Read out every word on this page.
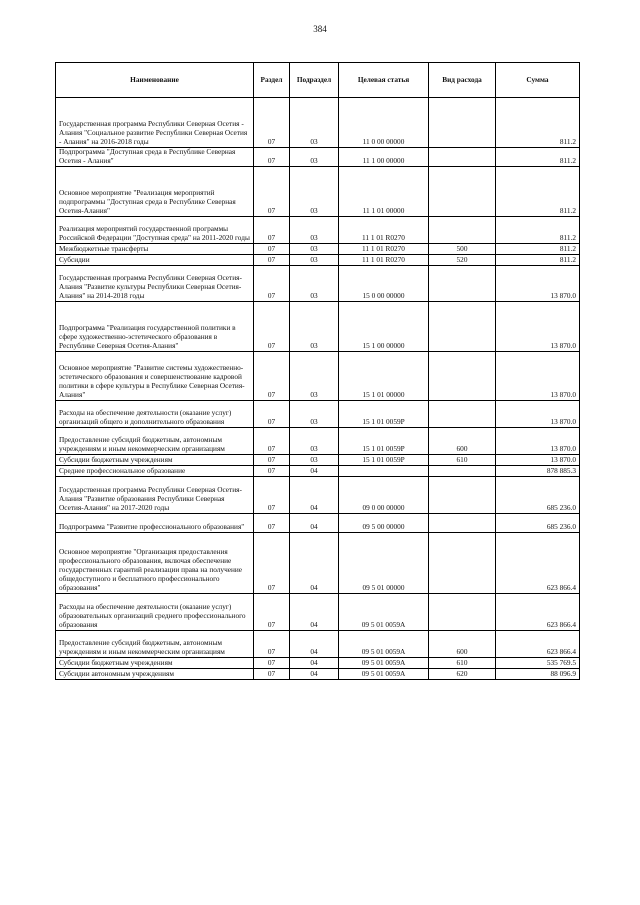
384
Наименование	Раздел	Подраздел	Целевая статья	Вид расхода	Сумма
Государственная программа Республики Северная Осетия - Алания "Социальное развитие Республики Северная Осетия - Алания" на 2016-2018 годы	07	03	11 0 00 00000		811.2
Подпрограмма "Доступная среда в Республике Северная Осетия - Алания"	07	03	11 1 00 00000		811.2
Основное мероприятие "Реализация мероприятий подпрограммы "Доступная среда в Республике Северная Осетия-Алания"	07	03	11 1 01 00000		811.2
Реализация мероприятий государственной программы Российской Федерации "Доступная среда" на 2011-2020 годы	07	03	11 1 01 R0270		811.2
Межбюджетные трансферты	07	03	11 1 01 R0270	500	811.2
Субсидии	07	03	11 1 01 R0270	520	811.2
Государственная программа Республики Северная Осетия-Алания "Развитие культуры Республики Северная Осетия-Алания" на 2014-2018 годы	07	03	15 0 00 00000		13 870.0
Подпрограмма "Реализация государственной политики в сфере художественно-эстетического образования в Республике Северная Осетия-Алания"	07	03	15 1 00 00000		13 870.0
Основное мероприятие "Развитие системы художественно-эстетического образования и совершенствование кадровой политики в сфере культуры в Республике Северная Осетия-Алания"	07	03	15 1 01 00000		13 870.0
Расходы на обеспечение деятельности (оказание услуг) организаций общего и дополнительного образования	07	03	15 1 01 0059Р		13 870.0
Предоставление субсидий бюджетным, автономным учреждениям и иным некоммерческим организациям	07	03	15 1 01 0059Р	600	13 870.0
Субсидии бюджетным учреждениям	07	03	15 1 01 0059Р	610	13 870.0
Среднее профессиональное образование	07	04			878 885.3
Государственная программа Республики Северная Осетия-Алания "Развитие образования Республики Северная Осетия-Алания" на 2017-2020 годы	07	04	09 0 00 00000		685 236.0
Подпрограмма "Развитие профессионального образования"	07	04	09 5 00 00000		685 236.0
Основное мероприятие "Организация предоставления профессионального образования, включая обеспечение государственных гарантий реализации права на получение общедоступного и бесплатного профессионального образования"	07	04	09 5 01 00000		623 866.4
Расходы на обеспечение деятельности (оказание услуг) образовательных организаций среднего профессионального образования	07	04	09 5 01 0059А		623 866.4
Предоставление субсидий бюджетным, автономным учреждениям и иным некоммерческим организациям	07	04	09 5 01 0059А	600	623 866.4
Субсидии бюджетным учреждениям	07	04	09 5 01 0059А	610	535 769.5
Субсидии автономным учреждениям	07	04	09 5 01 0059А	620	88 096.9
